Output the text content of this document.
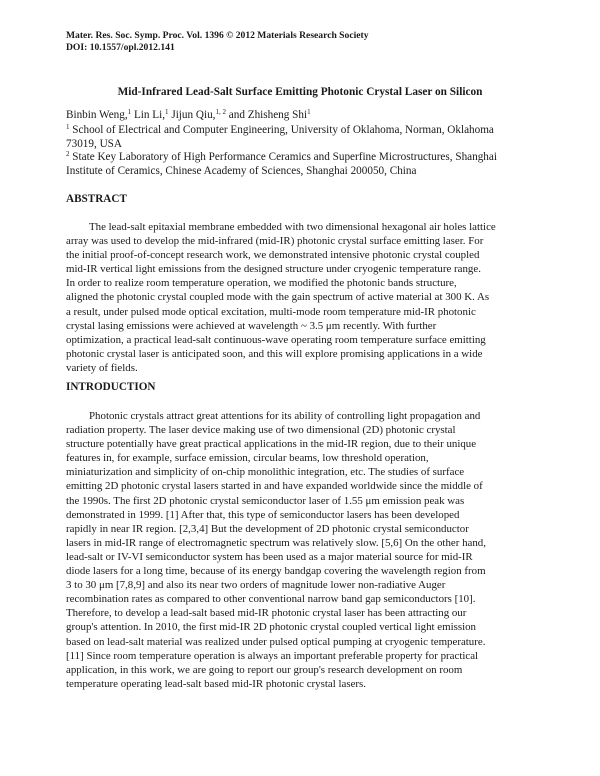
Mater. Res. Soc. Symp. Proc. Vol. 1396 © 2012 Materials Research Society
DOI: 10.1557/opl.2012.141
Mid-Infrared Lead-Salt Surface Emitting Photonic Crystal Laser on Silicon
Binbin Weng,$^1$ Lin Li,$^1$ Jijun Qiu,$^{1, 2}$ and Zhisheng Shi$^1$
$^1$ School of Electrical and Computer Engineering, University of Oklahoma, Norman, Oklahoma
73019, USA
$^2$ State Key Laboratory of High Performance Ceramics and Superfine Microstructures, Shanghai
Institute of Ceramics, Chinese Academy of Sciences, Shanghai 200050, China
ABSTRACT
The lead-salt epitaxial membrane embedded with two dimensional hexagonal air holes lattice
array was used to develop the mid-infrared (mid-IR) photonic crystal surface emitting laser. For
the initial proof-of-concept research work, we demonstrated intensive photonic crystal coupled
mid-IR vertical light emissions from the designed structure under cryogenic temperature range.
In order to realize room temperature operation, we modified the photonic bands structure,
aligned the photonic crystal coupled mode with the gain spectrum of active material at 300 K. As
a result, under pulsed mode optical excitation, multi-mode room temperature mid-IR photonic
crystal lasing emissions were achieved at wavelength ~ 3.5 μm recently. With further
optimization, a practical lead-salt continuous-wave operating room temperature surface emitting
photonic crystal laser is anticipated soon, and this will explore promising applications in a wide
variety of fields.
INTRODUCTION
Photonic crystals attract great attentions for its ability of controlling light propagation and
radiation property. The laser device making use of two dimensional (2D) photonic crystal
structure potentially have great practical applications in the mid-IR region, due to their unique
features in, for example, surface emission, circular beams, low threshold operation,
miniaturization and simplicity of on-chip monolithic integration, etc. The studies of surface
emitting 2D photonic crystal lasers started in and have expanded worldwide since the middle of
the 1990s. The first 2D photonic crystal semiconductor laser of 1.55 μm emission peak was
demonstrated in 1999. [1] After that, this type of semiconductor lasers has been developed
rapidly in near IR region. [2,3,4] But the development of 2D photonic crystal semiconductor
lasers in mid-IR range of electromagnetic spectrum was relatively slow. [5,6] On the other hand,
lead-salt or IV-VI semiconductor system has been used as a major material source for mid-IR
diode lasers for a long time, because of its energy bandgap covering the wavelength region from
3 to 30 μm [7,8,9] and also its near two orders of magnitude lower non-radiative Auger
recombination rates as compared to other conventional narrow band gap semiconductors [10].
Therefore, to develop a lead-salt based mid-IR photonic crystal laser has been attracting our
group's attention. In 2010, the first mid-IR 2D photonic crystal coupled vertical light emission
based on lead-salt material was realized under pulsed optical pumping at cryogenic temperature.
[11] Since room temperature operation is always an important preferable property for practical
application, in this work, we are going to report our group's research development on room
temperature operating lead-salt based mid-IR photonic crystal lasers.
